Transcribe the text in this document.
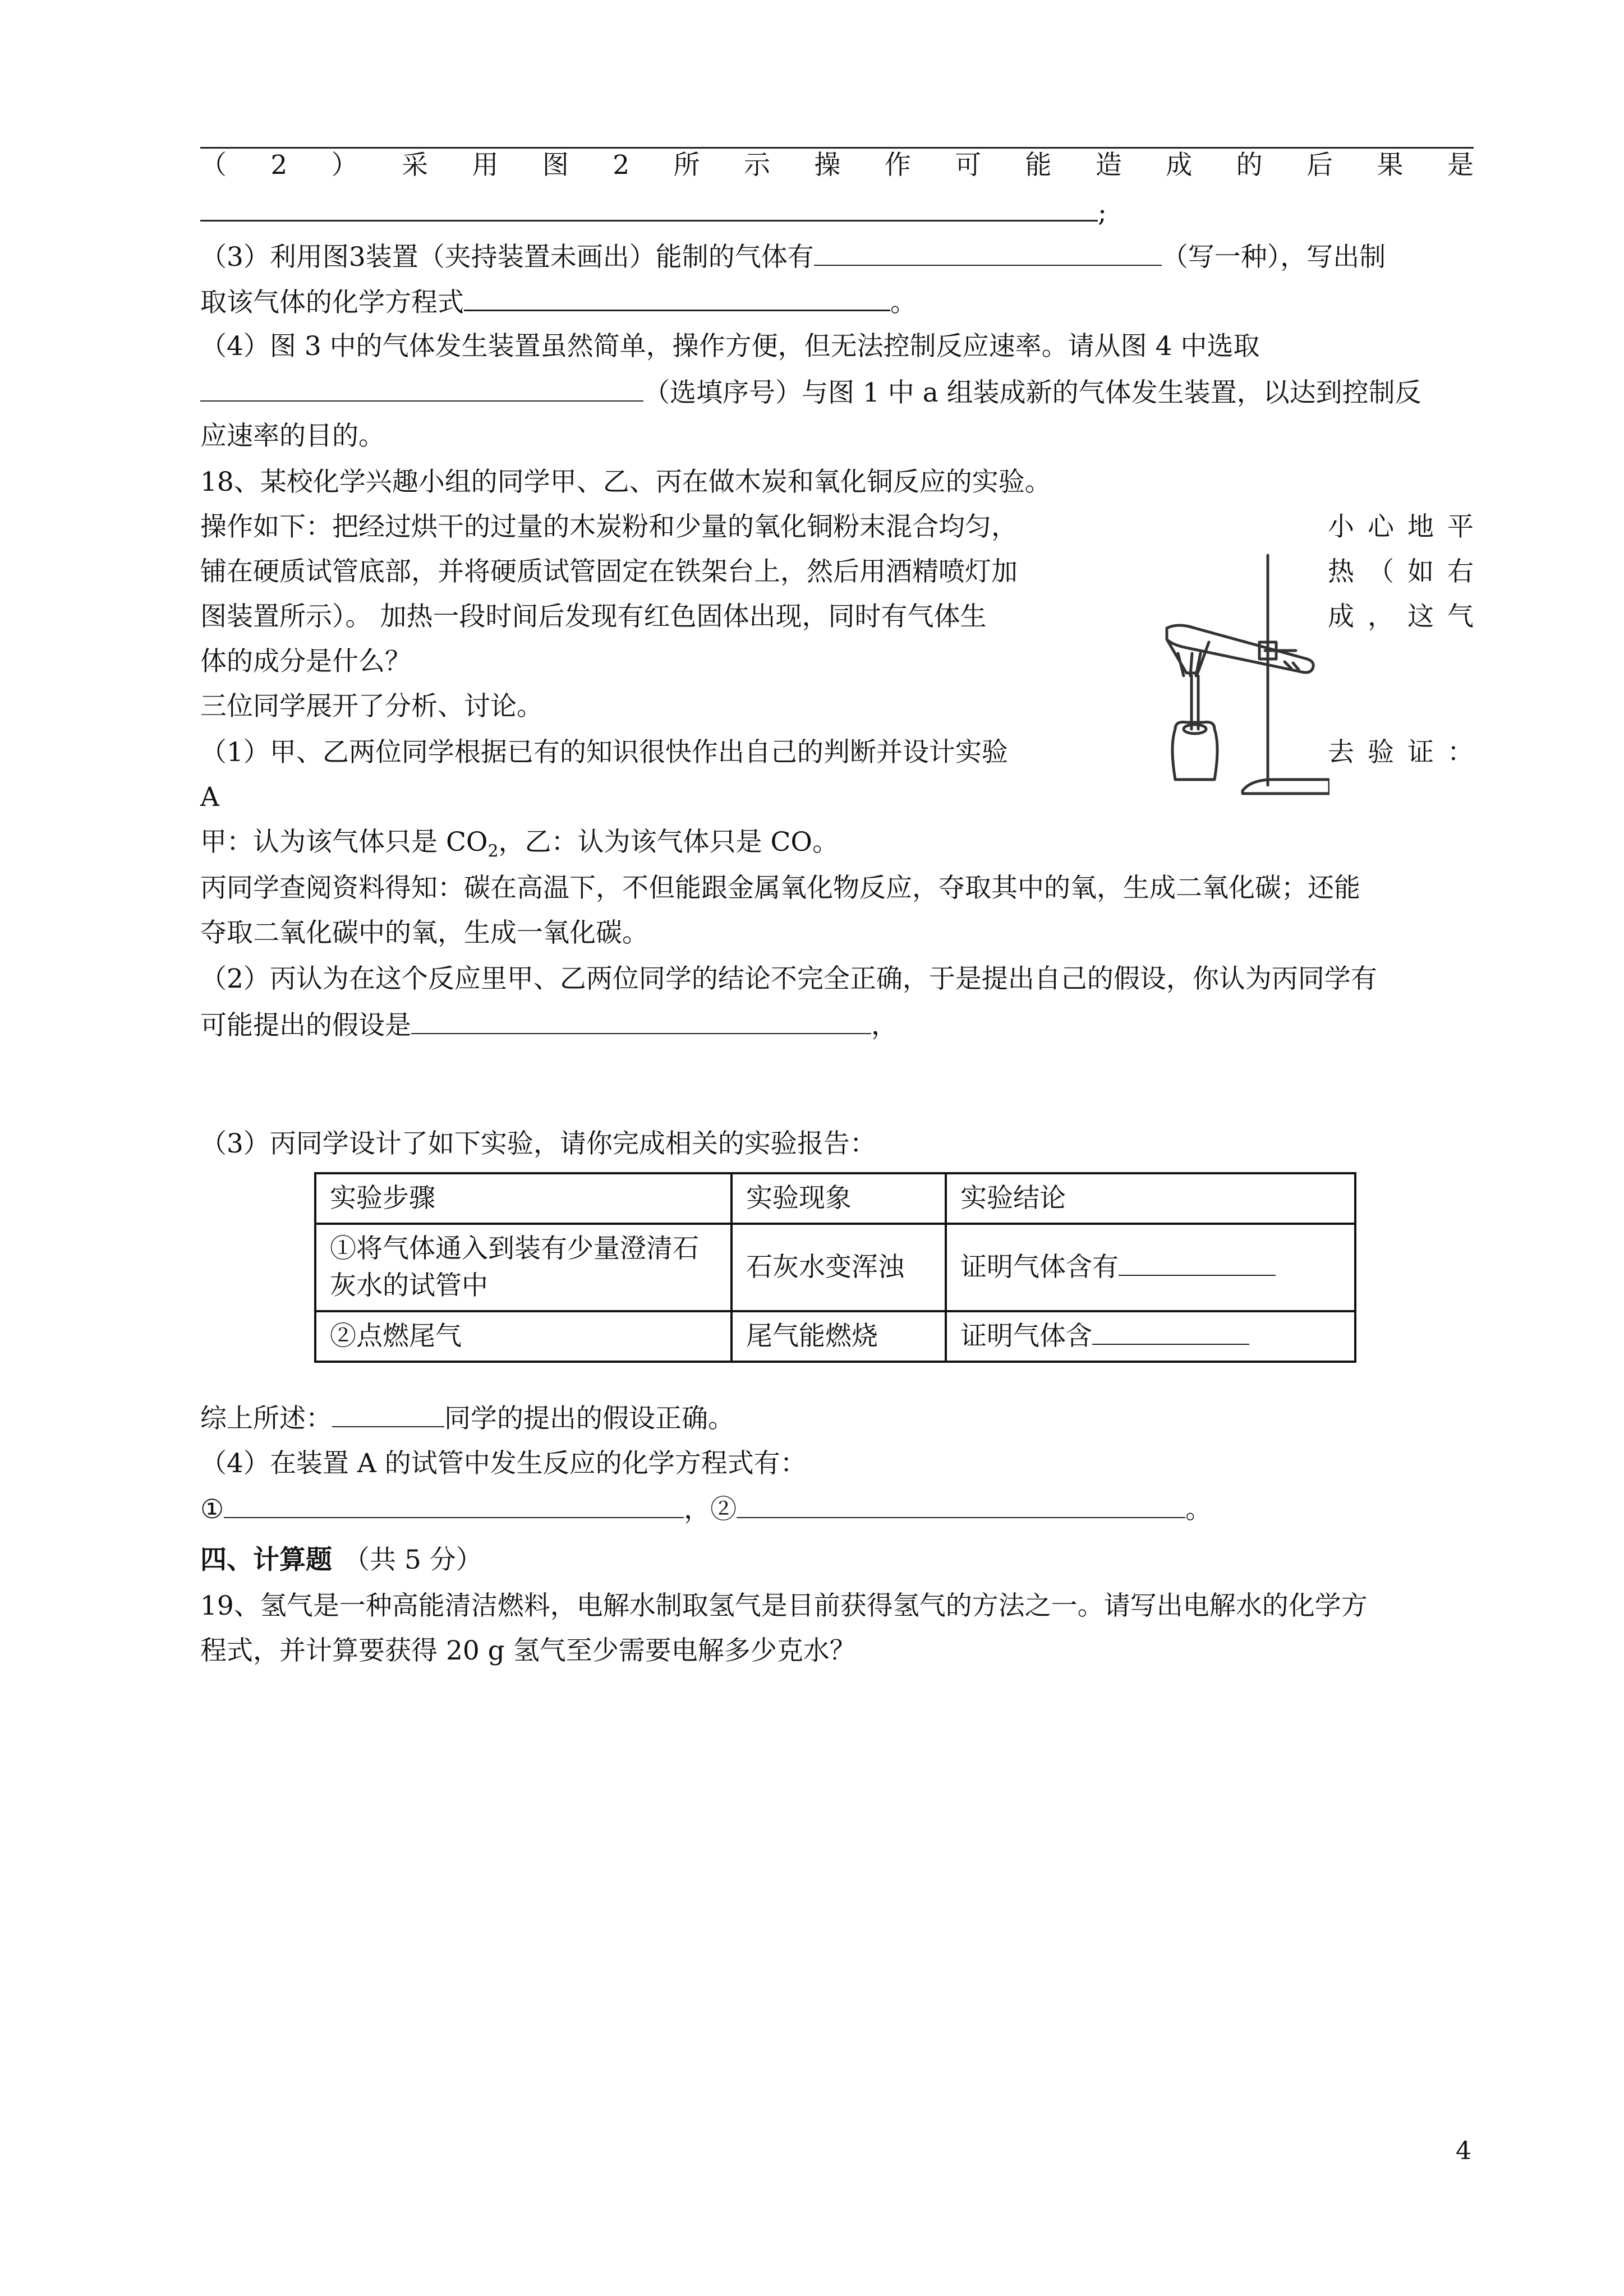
（ 2 ） 采 用 图 2 所 示 操 作 可 能 造 成 的 后 果 是
;
（3）利用图3装置（夹持装置未画出）能制的气体有	（写一种），写出制
取该气体的化学方程式	。
（4）图 3 中的气体发生装置虽然简单，操作方便，但无法控制反应速率。请从图 4 中选取
（选填序号）与图 1 中 a 组装成新的气体发生装置，以达到控制反
应速率的目的。
18、某校化学兴趣小组的同学甲、乙、丙在做木炭和氧化铜反应的实验。
操作如下：把经过烘干的过量的木炭粉和少量的氧化铜粉末混合均匀，	小心地平
铺在硬质试管底部，并将硬质试管固定在铁架台上，然后用酒精喷灯加	热（如右
图装置所示）。 加热一段时间后发现有红色固体出现，同时有气体生	成，这气
体的成分是什么？
三位同学展开了分析、讨论。
（1）甲、乙两位同学根据已有的知识很快作出自己的判断并设计实验	去验证：
A
甲：认为该气体只是 $CO_2$，乙：认为该气体只是 CO。
丙同学查阅资料得知：碳在高温下，不但能跟金属氧化物反应，夺取其中的氧，生成二氧化碳；还能
夺取二氧化碳中的氧，生成一氧化碳。
（2）丙认为在这个反应里甲、乙两位同学的结论不完全正确，于是提出自己的假设，你认为丙同学有
可能提出的假设是	，
（3）丙同学设计了如下实验，请你完成相关的实验报告：
实验步骤	实验现象	实验结论

①将气体通入到装有少量澄清石灰水的试管中	石灰水变浑浊	证明气体含有
②点燃尾气	尾气能燃烧	证明气体含
综上所述：	同学的提出的假设正确。
（4）在装置 A 的试管中发生反应的化学方程式有：
①	，②	。
四、计算题 （共 5 分）
19、氢气是一种高能清洁燃料，电解水制取氢气是目前获得氢气的方法之一。请写出电解水的化学方
程式，并计算要获得 20 g 氢气至少需要电解多少克水？
4
